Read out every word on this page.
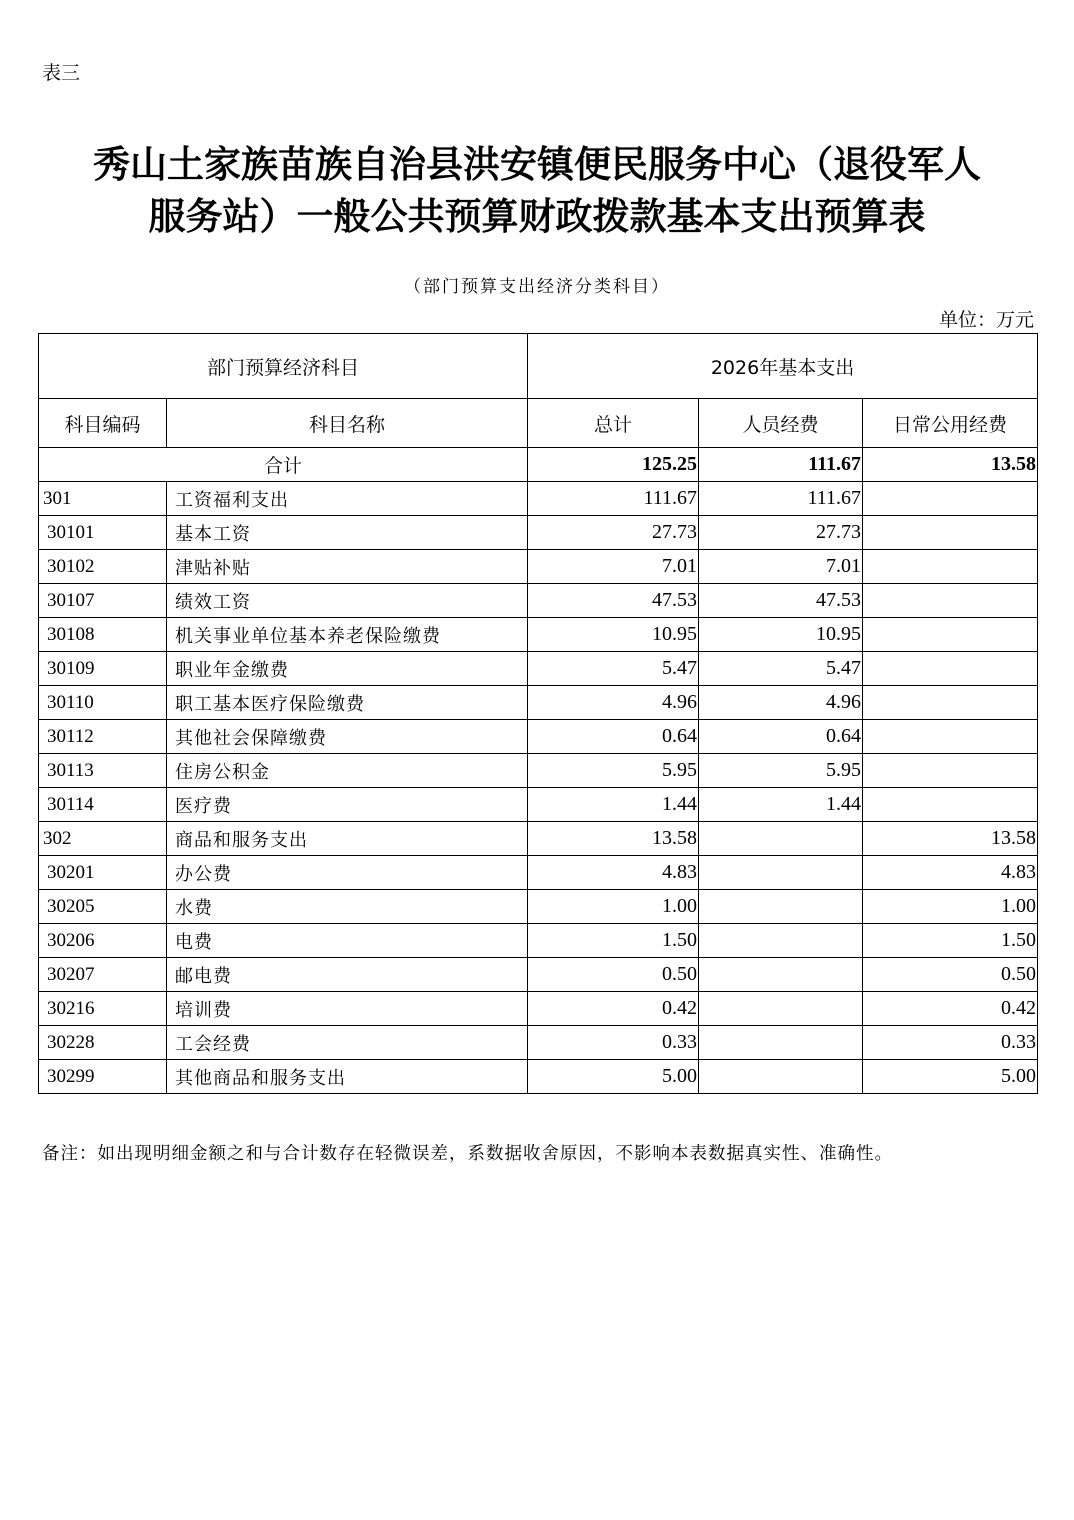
表三
秀山土家族苗族自治县洪安镇便民服务中心（退役军人
服务站）一般公共预算财政拨款基本支出预算表
（部门预算支出经济分类科目）
单位：万元
部门预算经济科目		2026年基本支出		
科目编码	科目名称	总计	人员经费	日常公用经费
合计		125.25	111.67	13.58
301	工资福利支出	111.67	111.67	
30101	基本工资	27.73	27.73	
30102	津贴补贴	7.01	7.01	
30107	绩效工资	47.53	47.53	
30108	机关事业单位基本养老保险缴费	10.95	10.95	
30109	职业年金缴费	5.47	5.47	
30110	职工基本医疗保险缴费	4.96	4.96	
30112	其他社会保障缴费	0.64	0.64	
30113	住房公积金	5.95	5.95	
30114	医疗费	1.44	1.44	
302	商品和服务支出	13.58		13.58
30201	办公费	4.83		4.83
30205	水费	1.00		1.00
30206	电费	1.50		1.50
30207	邮电费	0.50		0.50
30216	培训费	0.42		0.42
30228	工会经费	0.33		0.33
30299	其他商品和服务支出	5.00		5.00
备注：如出现明细金额之和与合计数存在轻微误差，系数据收舍原因，不影响本表数据真实性、准确性。
